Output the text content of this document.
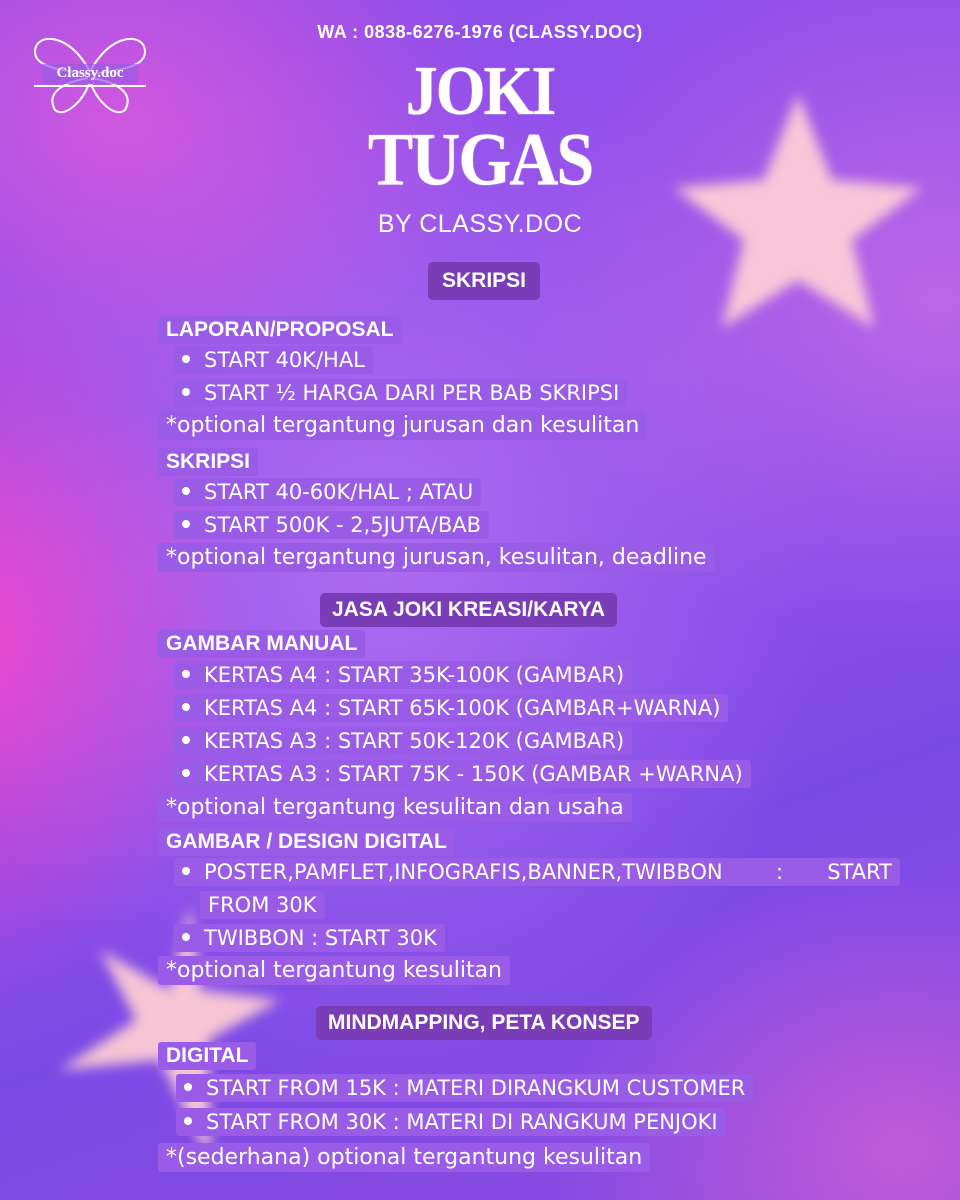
Classy.doc
WA : 0838-6276-1976 (CLASSY.DOC)
JOKI
TUGAS
BY CLASSY.DOC
SKRIPSI
LAPORAN/PROPOSAL
START 40K/HAL
START ½ HARGA DARI PER BAB SKRIPSI
*optional tergantung jurusan dan kesulitan
SKRIPSI
START 40-60K/HAL ; ATAU
START 500K - 2,5JUTA/BAB
*optional tergantung jurusan, kesulitan, deadline
JASA JOKI KREASI/KARYA
GAMBAR MANUAL
KERTAS A4 : START 35K-100K (GAMBAR)
KERTAS A4 : START 65K-100K (GAMBAR+WARNA)
KERTAS A3 : START 50K-120K (GAMBAR)
KERTAS A3 : START 75K - 150K (GAMBAR +WARNA)
*optional tergantung kesulitan dan usaha
GAMBAR / DESIGN DIGITAL
POSTER,PAMFLET,INFOGRAFIS,BANNER,TWIBBON	: START
FROM 30K
TWIBBON : START 30K
*optional tergantung kesulitan
MINDMAPPING, PETA KONSEP
DIGITAL
START FROM 15K : MATERI DIRANGKUM CUSTOMER
START FROM 30K : MATERI DI RANGKUM PENJOKI
*(sederhana) optional tergantung kesulitan
